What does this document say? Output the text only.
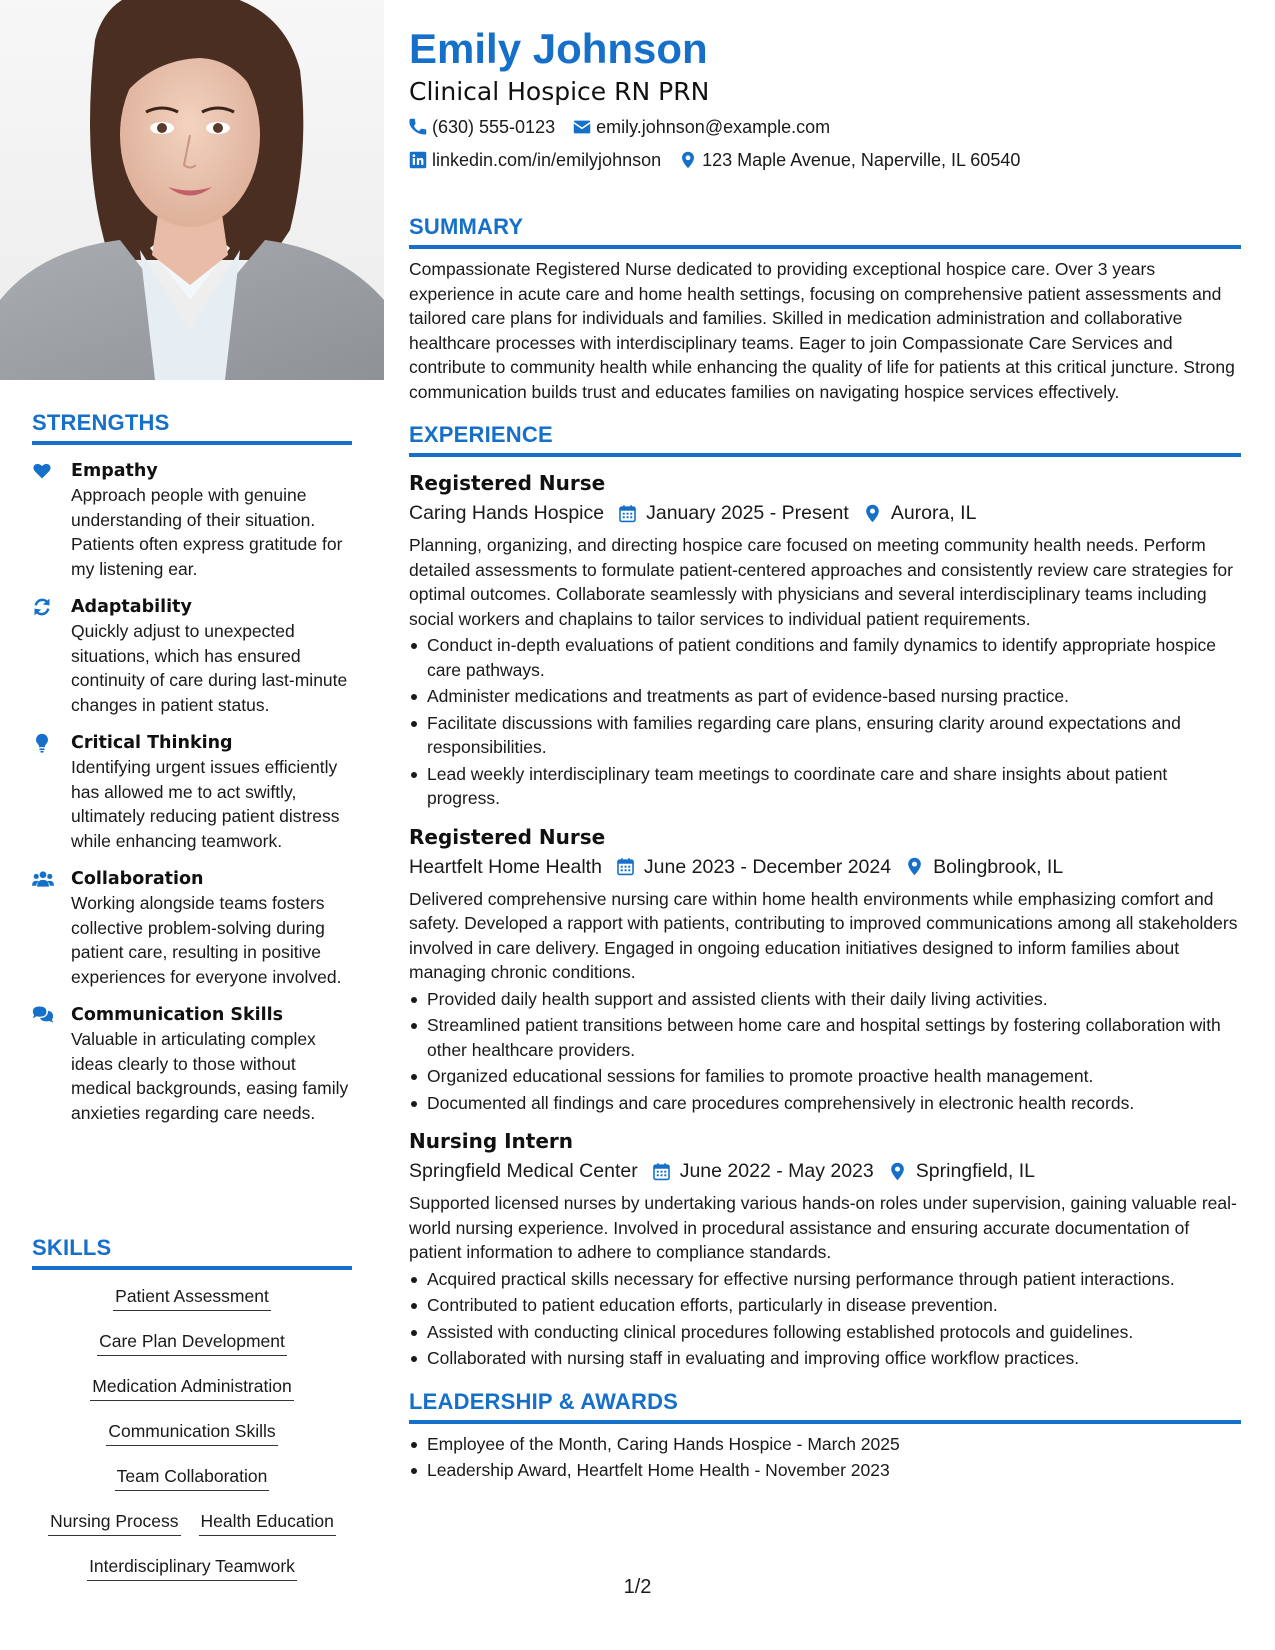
STRENGTHS
Empathy
Approach people with genuine understanding of their situation. Patients often express gratitude for my listening ear.
Adaptability
Quickly adjust to unexpected situations, which has ensured continuity of care during last-minute changes in patient status.
Critical Thinking
Identifying urgent issues efficiently has allowed me to act swiftly, ultimately reducing patient distress while enhancing teamwork.
Collaboration
Working alongside teams fosters collective problem-solving during patient care, resulting in positive experiences for everyone involved.
Communication Skills
Valuable in articulating complex ideas clearly to those without medical backgrounds, easing family anxieties regarding care needs.
SKILLS
Patient Assessment
Care Plan Development
Medication Administration
Communication Skills
Team Collaboration
Nursing Process Health Education
Interdisciplinary Teamwork
Emily Johnson
Clinical Hospice RN PRN
(630) 555-0123 emily.johnson@example.com
linkedin.com/in/emilyjohnson 123 Maple Avenue, Naperville, IL 60540
SUMMARY
Compassionate Registered Nurse dedicated to providing exceptional hospice care. Over 3 years experience in acute care and home health settings, focusing on comprehensive patient assessments and tailored care plans for individuals and families. Skilled in medication administration and collaborative healthcare processes with interdisciplinary teams. Eager to join Compassionate Care Services and contribute to community health while enhancing the quality of life for patients at this critical juncture. Strong communication builds trust and educates families on navigating hospice services effectively.
EXPERIENCE
Registered Nurse
Caring Hands Hospice January 2025 - Present Aurora, IL
Planning, organizing, and directing hospice care focused on meeting community health needs. Perform detailed assessments to formulate patient-centered approaches and consistently review care strategies for optimal outcomes. Collaborate seamlessly with physicians and several interdisciplinary teams including social workers and chaplains to tailor services to individual patient requirements.
Conduct in-depth evaluations of patient conditions and family dynamics to identify appropriate hospice care pathways.
Administer medications and treatments as part of evidence-based nursing practice.
Facilitate discussions with families regarding care plans, ensuring clarity around expectations and responsibilities.
Lead weekly interdisciplinary team meetings to coordinate care and share insights about patient progress.
Registered Nurse
Heartfelt Home Health June 2023 - December 2024 Bolingbrook, IL
Delivered comprehensive nursing care within home health environments while emphasizing comfort and safety. Developed a rapport with patients, contributing to improved communications among all stakeholders involved in care delivery. Engaged in ongoing education initiatives designed to inform families about managing chronic conditions.
Provided daily health support and assisted clients with their daily living activities.
Streamlined patient transitions between home care and hospital settings by fostering collaboration with other healthcare providers.
Organized educational sessions for families to promote proactive health management.
Documented all findings and care procedures comprehensively in electronic health records.
Nursing Intern
Springfield Medical Center June 2022 - May 2023 Springfield, IL
Supported licensed nurses by undertaking various hands-on roles under supervision, gaining valuable real-world nursing experience. Involved in procedural assistance and ensuring accurate documentation of patient information to adhere to compliance standards.
Acquired practical skills necessary for effective nursing performance through patient interactions.
Contributed to patient education efforts, particularly in disease prevention.
Assisted with conducting clinical procedures following established protocols and guidelines.
Collaborated with nursing staff in evaluating and improving office workflow practices.
LEADERSHIP & AWARDS
Employee of the Month, Caring Hands Hospice - March 2025
Leadership Award, Heartfelt Home Health - November 2023
1/2
